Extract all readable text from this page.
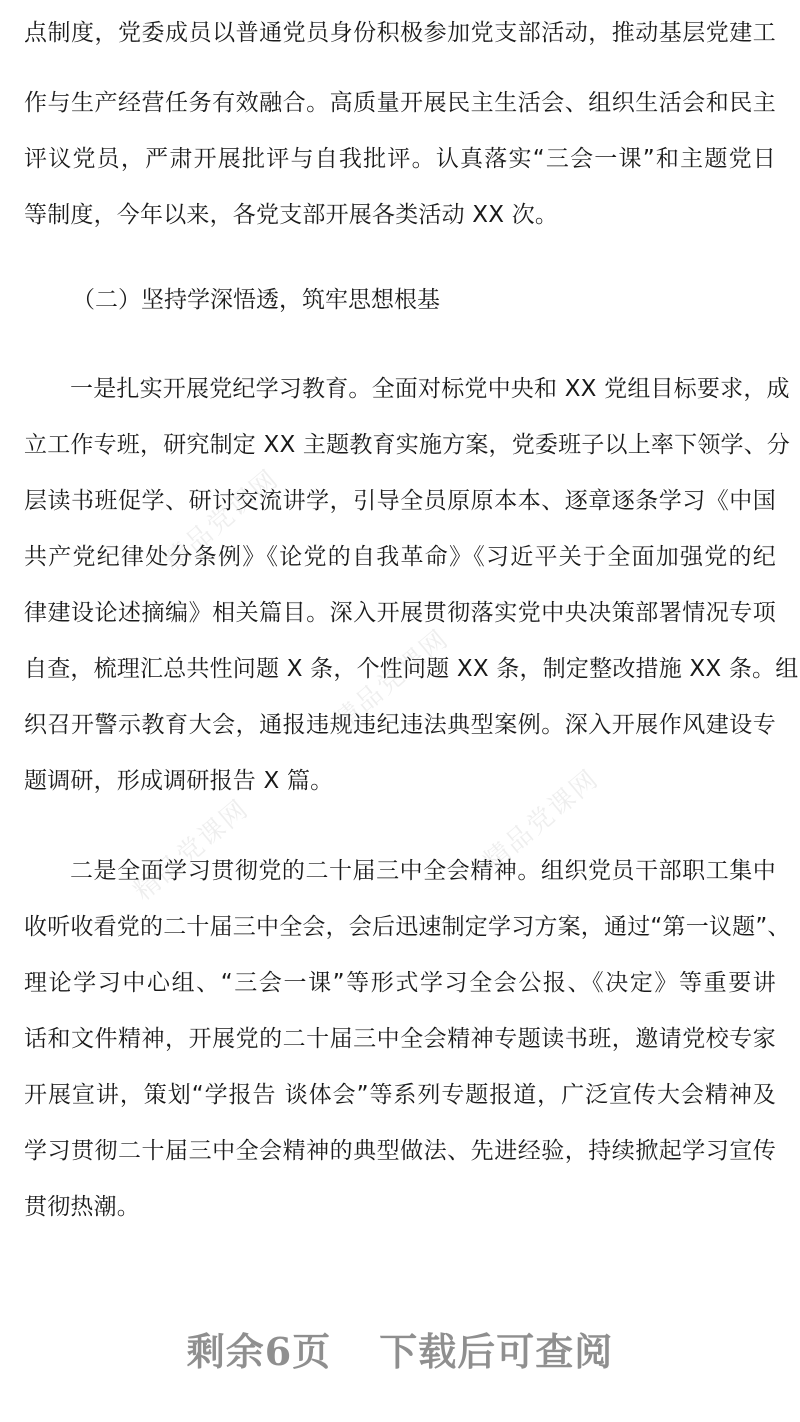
精品党课网
精品党课网
精品党课网	精品党课网
点制度，党委成员以普通党员身份积极参加党支部活动，推动基层党建工
作与生产经营任务有效融合。高质量开展民主生活会、组织生活会和民主
评议党员，严肃开展批评与自我批评。认真落实“三会一课”和主题党日
等制度，今年以来，各党支部开展各类活动 XX 次。
（二）坚持学深悟透，筑牢思想根基
一是扎实开展党纪学习教育。全面对标党中央和 XX 党组目标要求，成
立工作专班，研究制定 XX 主题教育实施方案，党委班子以上率下领学、分
层读书班促学、研讨交流讲学，引导全员原原本本、逐章逐条学习《中国
共产党纪律处分条例》《论党的自我革命》《习近平关于全面加强党的纪
律建设论述摘编》相关篇目。深入开展贯彻落实党中央决策部署情况专项
自查，梳理汇总共性问题 X 条，个性问题 XX 条，制定整改措施 XX 条。组
织召开警示教育大会，通报违规违纪违法典型案例。深入开展作风建设专
题调研，形成调研报告 X 篇。
二是全面学习贯彻党的二十届三中全会精神。组织党员干部职工集中
收听收看党的二十届三中全会，会后迅速制定学习方案，通过“第一议题”、
理论学习中心组、“三会一课”等形式学习全会公报、《决定》等重要讲
话和文件精神，开展党的二十届三中全会精神专题读书班，邀请党校专家
开展宣讲，策划“学报告 谈体会”等系列专题报道，广泛宣传大会精神及
学习贯彻二十届三中全会精神的典型做法、先进经验，持续掀起学习宣传
贯彻热潮。
剩余6页 下载后可查阅
